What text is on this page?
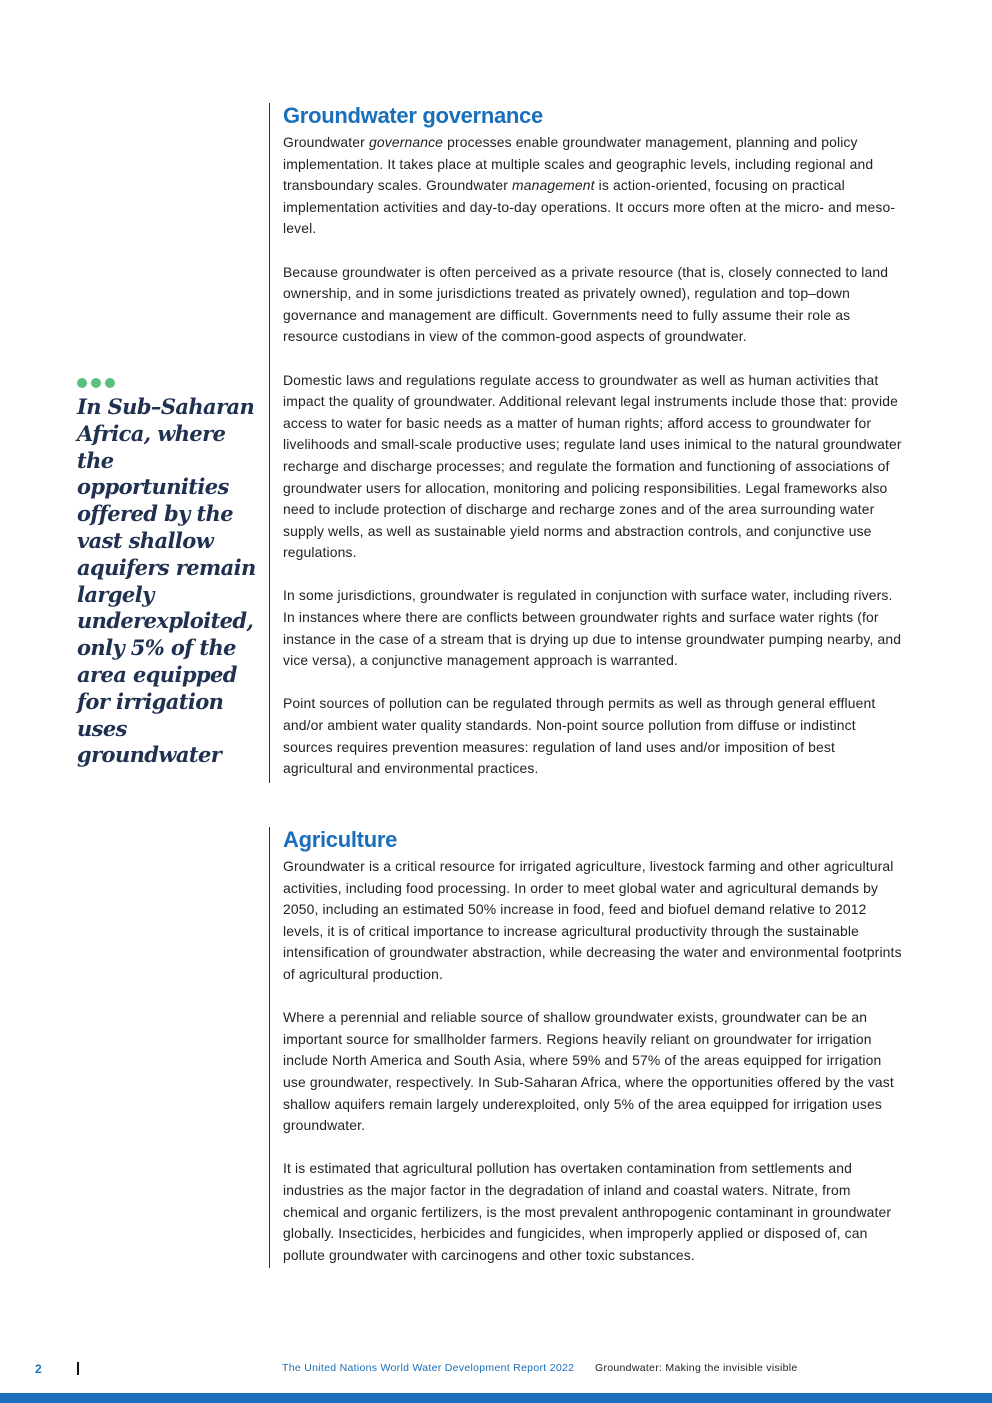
Groundwater governance

Groundwater governance processes enable groundwater management, planning and policy implementation. It takes place at multiple scales and geographic levels, including regional and transboundary scales. Groundwater management is action-oriented, focusing on practical implementation activities and day-to-day operations. It occurs more often at the micro- and meso-level.

Because groundwater is often perceived as a private resource (that is, closely connected to land ownership, and in some jurisdictions treated as privately owned), regulation and top–down governance and management are difficult. Governments need to fully assume their role as resource custodians in view of the common-good aspects of groundwater.

Domestic laws and regulations regulate access to groundwater as well as human activities that impact the quality of groundwater. Additional relevant legal instruments include those that: provide access to water for basic needs as a matter of human rights; afford access to groundwater for livelihoods and small-scale productive uses; regulate land uses inimical to the natural groundwater recharge and discharge processes; and regulate the formation and functioning of associations of groundwater users for allocation, monitoring and policing responsibilities. Legal frameworks also need to include protection of discharge and recharge zones and of the area surrounding water supply wells, as well as sustainable yield norms and abstraction controls, and conjunctive use regulations.

In some jurisdictions, groundwater is regulated in conjunction with surface water, including rivers. In instances where there are conflicts between groundwater rights and surface water rights (for instance in the case of a stream that is drying up due to intense groundwater pumping nearby, and vice versa), a conjunctive management approach is warranted.

Point sources of pollution can be regulated through permits as well as through general effluent and/or ambient water quality standards. Non-point source pollution from diffuse or indistinct sources requires prevention measures: regulation of land uses and/or imposition of best agricultural and environmental practices.

Agriculture

Groundwater is a critical resource for irrigated agriculture, livestock farming and other agricultural activities, including food processing. In order to meet global water and agricultural demands by 2050, including an estimated 50% increase in food, feed and biofuel demand relative to 2012 levels, it is of critical importance to increase agricultural productivity through the sustainable intensification of groundwater abstraction, while decreasing the water and environmental footprints of agricultural production.

Where a perennial and reliable source of shallow groundwater exists, groundwater can be an important source for smallholder farmers. Regions heavily reliant on groundwater for irrigation include North America and South Asia, where 59% and 57% of the areas equipped for irrigation use groundwater, respectively. In Sub-Saharan Africa, where the opportunities offered by the vast shallow aquifers remain largely underexploited, only 5% of the area equipped for irrigation uses groundwater.

It is estimated that agricultural pollution has overtaken contamination from settlements and industries as the major factor in the degradation of inland and coastal waters. Nitrate, from chemical and organic fertilizers, is the most prevalent anthropogenic contaminant in groundwater globally. Insecticides, herbicides and fungicides, when improperly applied or disposed of, can pollute groundwater with carcinogens and other toxic substances.

In Sub–Saharan Africa, where the opportunities offered by the vast shallow aquifers remain largely underexploited, only 5% of the area equipped for irrigation uses groundwater
2	The United Nations World Water Development Report 2022 Groundwater: Making the invisible visible
